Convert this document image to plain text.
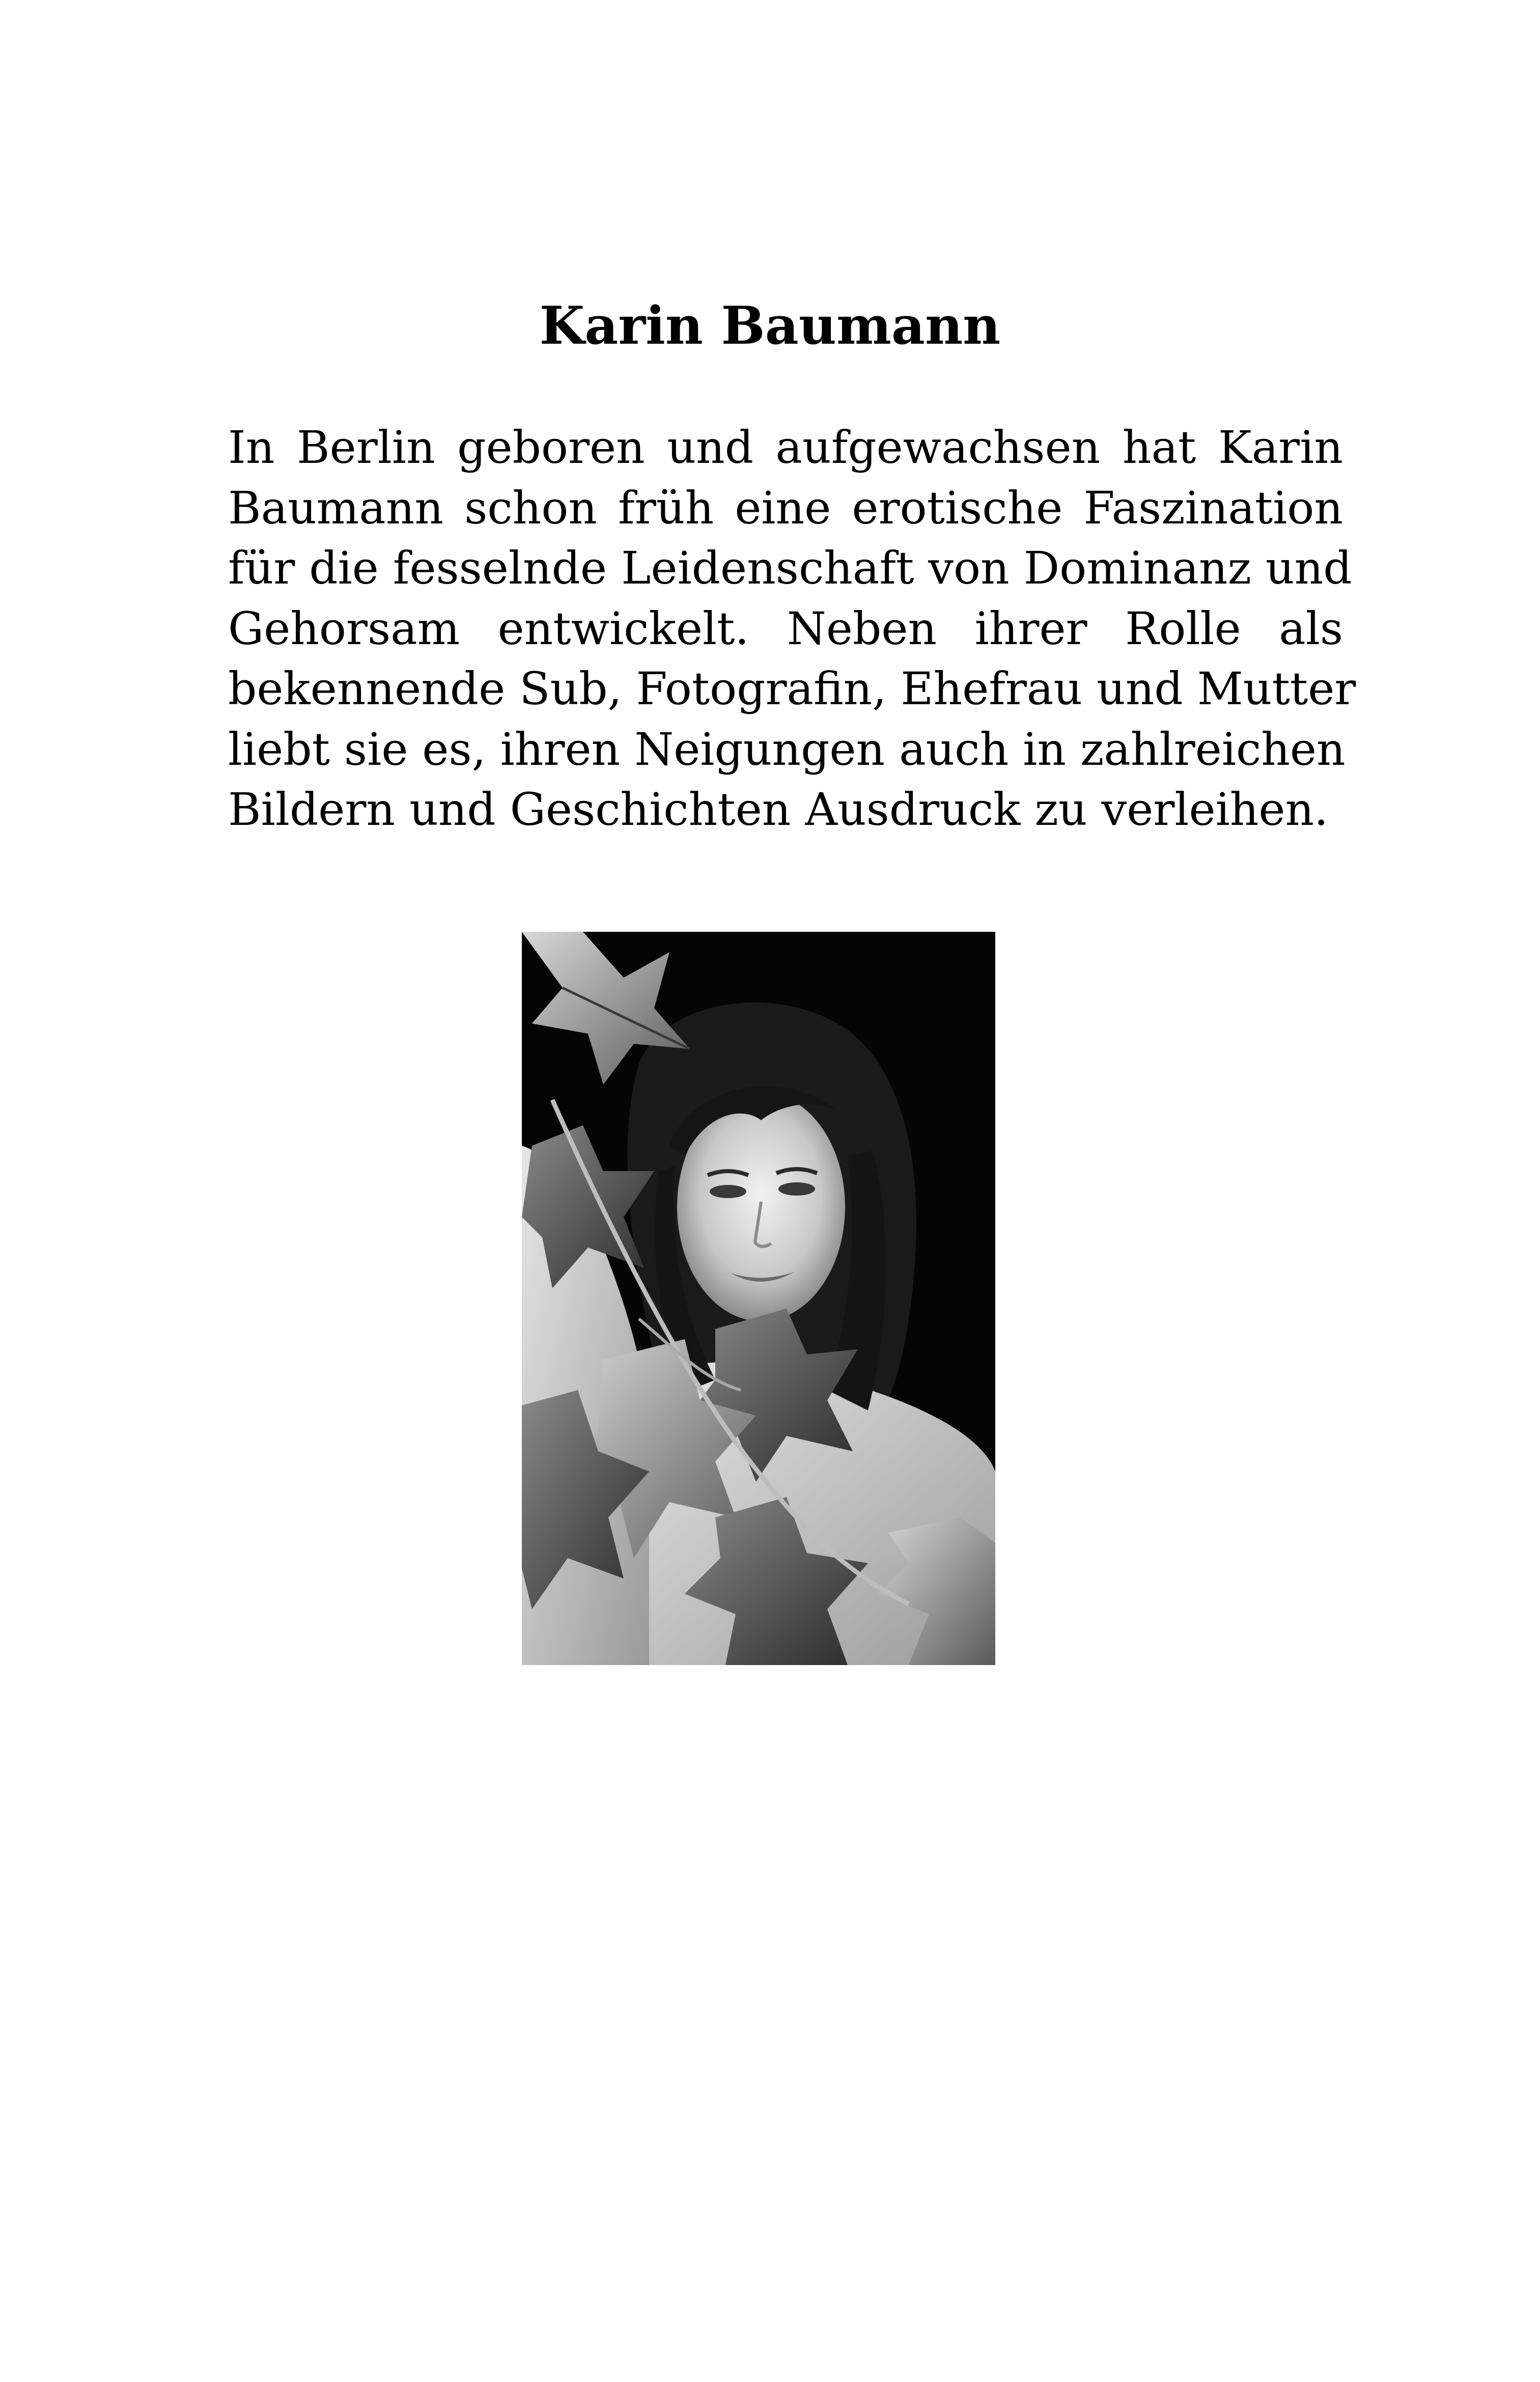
Karin Baumann

In Berlin geboren und aufgewachsen hat Karin
Baumann schon früh eine erotische Faszination
für die fesselnde Leidenschaft von Dominanz und
Gehorsam entwickelt. Neben ihrer Rolle als
bekennende Sub, Fotografin, Ehefrau und Mutter
liebt sie es, ihren Neigungen auch in zahlreichen
Bildern und Geschichten Ausdruck zu verleihen.
